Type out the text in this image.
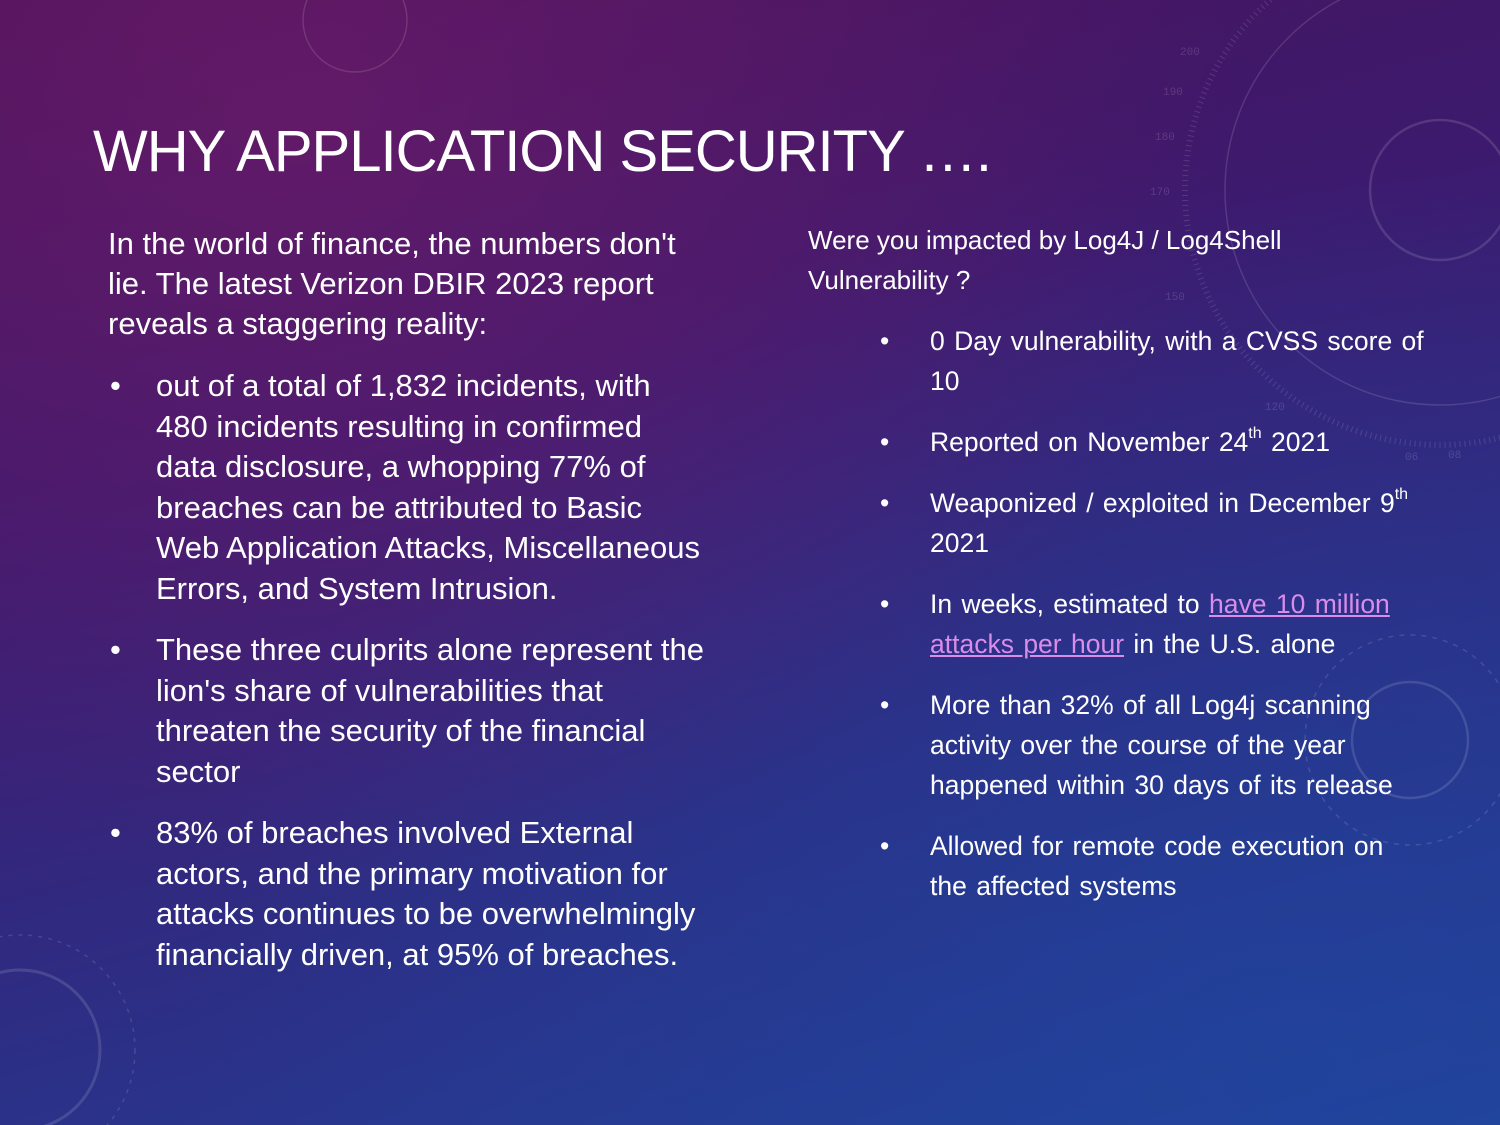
170
180
190
200
150
120
06	08
WHY APPLICATION SECURITY ….

In the world of finance, the numbers don't lie. The latest Verizon DBIR 2023 report reveals a staggering reality:

• out of a total of 1,832 incidents, with 480 incidents resulting in confirmed data disclosure, a whopping 77% of breaches can be attributed to Basic Web Application Attacks, Miscellaneous Errors, and System Intrusion.
• These three culprits alone represent the lion's share of vulnerabilities that threaten the security of the financial sector
• 83% of breaches involved External actors, and the primary motivation for attacks continues to be overwhelmingly financially driven, at 95% of breaches.

Were you impacted by Log4J / Log4Shell Vulnerability ?

• 0 Day vulnerability, with a CVSS score of 10
• Reported on November 24th 2021
• Weaponized / exploited in December 9th 2021
• In weeks, estimated to have 10 million attacks per hour in the U.S. alone
• More than 32% of all Log4j scanning activity over the course of the year happened within 30 days of its release
• Allowed for remote code execution on the affected systems
